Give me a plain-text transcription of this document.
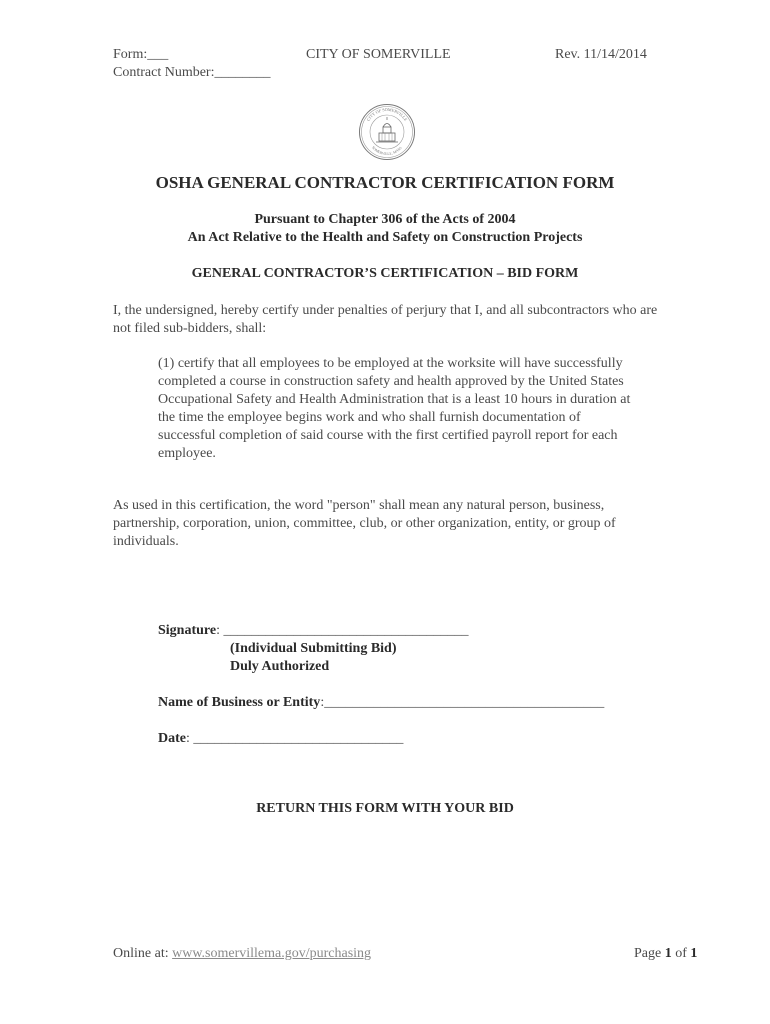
Form:___
Contract Number:________
CITY OF SOMERVILLE	Rev. 11/14/2014
CITY OF SOMERVILLE
SOMERVILLE, MASS.
OSHA GENERAL CONTRACTOR CERTIFICATION FORM
Pursuant to Chapter 306 of the Acts of 2004
An Act Relative to the Health and Safety on Construction Projects
GENERAL CONTRACTOR’S CERTIFICATION – BID FORM
I, the undersigned, hereby certify under penalties of perjury that I, and all subcontractors who are not filed sub-bidders, shall:
(1) certify that all employees to be employed at the worksite will have successfully completed a course in construction safety and health approved by the United States Occupational Safety and Health Administration that is a least 10 hours in duration at the time the employee begins work and who shall furnish documentation of successful completion of said course with the first certified payroll report for each employee.
As used in this certification, the word "person" shall mean any natural person, business, partnership, corporation, union, committee, club, or other organization, entity, or group of individuals.
Signature: ___________________________________
(Individual Submitting Bid)
Duly Authorized
Name of Business or Entity:________________________________________
Date: ______________________________
RETURN THIS FORM WITH YOUR BID
Online at: www.somervillema.gov/purchasing	Page 1 of 1
